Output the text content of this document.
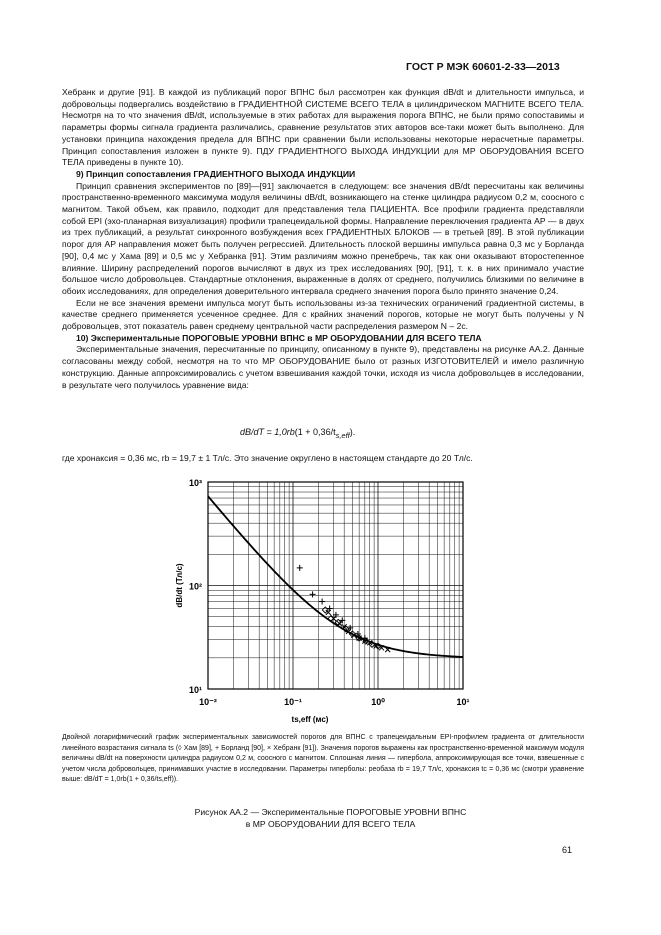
ГОСТ Р МЭК 60601-2-33—2013

Хебранк и другие [91]. В каждой из публикаций порог ВПНС был рассмотрен как функция dB/dt и длительности импульса, и добровольцы подвергались воздействию в ГРАДИЕНТНОЙ СИСТЕМЕ ВСЕГО ТЕЛА в цилиндрическом МАГНИТЕ ВСЕГО ТЕЛА. Несмотря на то что значения dB/dt, используемые в этих работах для выражения порога ВПНС, не были прямо сопоставимы и параметры формы сигнала градиента различались, сравнение результатов этих авторов все-таки может быть выполнено. Для установки принципа нахождения предела для ВПНС при сравнении были использованы некоторые нерасчетные параметры. Принцип сопоставления изложен в пункте 9). ПДУ ГРАДИЕНТНОГО ВЫХОДА ИНДУКЦИИ для МР ОБОРУДОВАНИЯ ВСЕГО ТЕЛА приведены в пункте 10).

9) Принцип сопоставления ГРАДИЕНТНОГО ВЫХОДА ИНДУКЦИИ

Принцип сравнения экспериментов по [89]—[91] заключается в следующем: все значения dB/dt пересчитаны как величины пространственно-временного максимума модуля величины dB/dt, возникающего на стенке цилиндра радиусом 0,2 м, соосного с магнитом. Такой объем, как правило, подходит для представления тела ПАЦИЕНТА. Все профили градиента представляли собой EPI (эхо-планарная визуализация) профили трапецеидальной формы. Направление переключения градиента AP — в двух из трех публикаций, а результат синхронного возбуждения всех ГРАДИЕНТНЫХ БЛОКОВ — в третьей [89]. В этой публикации порог для AP направления может быть получен регрессией. Длительность плоской вершины импульса равна 0,3 мс у Борланда [90], 0,4 мс у Хама [89] и 0,5 мс у Хебранка [91]. Этим различиям можно пренебречь, так как они оказывают второстепенное влияние. Ширину распределений порогов вычисляют в двух из трех исследованиях [90], [91], т. к. в них принимало участие большое число добровольцев. Стандартные отклонения, выраженные в долях от среднего, получились близкими по величине в обоих исследованиях, для определения доверительного интервала среднего значения порога было принято значение 0,24.

Если не все значения времени импульса могут быть использованы из-за технических ограничений градиентной системы, в качестве среднего применяется усеченное среднее. Для c крайних значений порогов, которые не могут быть получены у N добровольцев, этот показатель равен среднему центральной части распределения размером N – 2c.

10) Экспериментальные ПОРОГОВЫЕ УРОВНИ ВПНС в МР ОБОРУДОВАНИИ ДЛЯ ВСЕГО ТЕЛА

Экспериментальные значения, пересчитанные по принципу, описанному в пункте 9), представлены на рисунке АА.2. Данные согласованы между собой, несмотря на то что МР ОБОРУДОВАНИЕ было от разных ИЗГОТОВИТЕЛЕЙ и имело различную конструкцию. Данные аппроксимировались с учетом взвешивания каждой точки, исходя из числа добровольцев в исследовании, в результате чего получилось уравнение вида:

$dB/dT = 1,0rb(1 + 0,36/t_{s,eff})$.
где хронаксия = 0,36 мс, rb = 19,7 ± 1 Тл/с. Это значение округлено в настоящем стандарте до 20 Тл/с.
10⁻²	10⁻¹	10⁰	10¹
10³
10²
10¹
ts,eff (мс)
dB/dt (Тл/с)
Двойной логарифмический график экспериментальных зависимостей порогов для ВПНС с трапецеидальным EPI-профилем градиента от длительности линейного возрастания сигнала ts (◊ Хам [89], + Борланд [90], × Хебранк [91]). Значения порогов выражены как пространственно-временной максимум модуля величины dB/dt на поверхности цилиндра радиусом 0,2 м, соосного с магнитом. Сплошная линия — гипербола, аппроксимирующая все точки, взвешенные с учетом числа добровольцев, принимавших участие в исследовании. Параметры гиперболы: реобаза rb = 19,7 Тл/с, хронаксия tc = 0,36 мс (смотри уравнение выше: dB/dT = 1,0rb(1 + 0,36/ts,eff)).
Рисунок АА.2 — Экспериментальные ПОРОГОВЫЕ УРОВНИ ВПНС
в МР ОБОРУДОВАНИИ ДЛЯ ВСЕГО ТЕЛА
61
